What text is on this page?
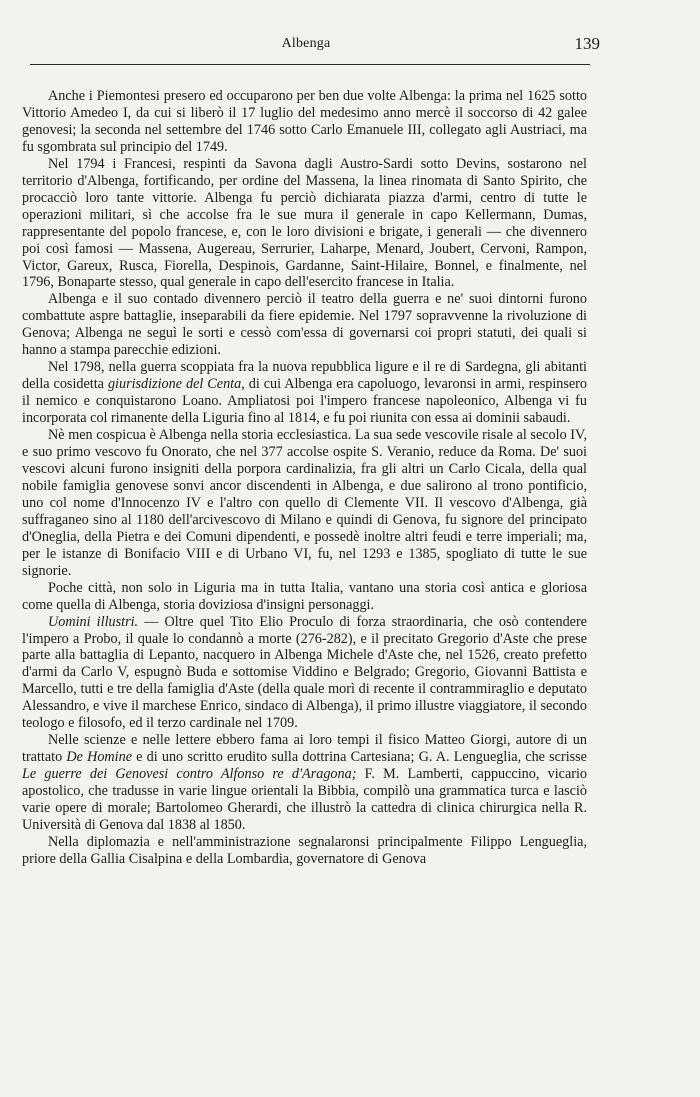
Albenga	139

Anche i Piemontesi presero ed occuparono per ben due volte Albenga: la prima nel 1625 sotto Vittorio Amedeo I, da cui si liberò il 17 luglio del medesimo anno mercè il soccorso di 42 galee genovesi; la seconda nel settembre del 1746 sotto Carlo Emanuele III, collegato agli Austriaci, ma fu sgombrata sul principio del 1749.

Nel 1794 i Francesi, respinti da Savona dagli Austro-Sardi sotto Devins, sostarono nel territorio d'Albenga, fortificando, per ordine del Massena, la linea rinomata di Santo Spirito, che procacciò loro tante vittorie. Albenga fu perciò dichiarata piazza d'armi, centro di tutte le operazioni militari, sì che accolse fra le sue mura il generale in capo Kellermann, Dumas, rappresentante del popolo francese, e, con le loro divisioni e brigate, i generali — che divennero poi così famosi — Massena, Augereau, Serrurier, Laharpe, Menard, Joubert, Cervoni, Rampon, Victor, Gareux, Rusca, Fiorella, Despinois, Gardanne, Saint-Hilaire, Bonnel, e finalmente, nel 1796, Bonaparte stesso, qual generale in capo dell'esercito francese in Italia.

Albenga e il suo contado divennero perciò il teatro della guerra e ne' suoi dintorni furono combattute aspre battaglie, inseparabili da fiere epidemie. Nel 1797 sopravvenne la rivoluzione di Genova; Albenga ne seguì le sorti e cessò com'essa di governarsi coi propri statuti, dei quali si hanno a stampa parecchie edizioni.

Nel 1798, nella guerra scoppiata fra la nuova repubblica ligure e il re di Sardegna, gli abitanti della cosidetta giurisdizione del Centa, di cui Albenga era capoluogo, levaronsi in armi, respinsero il nemico e conquistarono Loano. Ampliatosi poi l'impero francese napoleonico, Albenga vi fu incorporata col rimanente della Liguria fino al 1814, e fu poi riunita con essa ai dominii sabaudi.

Nè men cospicua è Albenga nella storia ecclesiastica. La sua sede vescovile risale al secolo IV, e suo primo vescovo fu Onorato, che nel 377 accolse ospite S. Veranio, reduce da Roma. De' suoi vescovi alcuni furono insigniti della porpora cardinalizia, fra gli altri un Carlo Cicala, della qual nobile famiglia genovese sonvi ancor discendenti in Albenga, e due salirono al trono pontificio, uno col nome d'Innocenzo IV e l'altro con quello di Clemente VII. Il vescovo d'Albenga, già suffraganeo sino al 1180 dell'arcivescovo di Milano e quindi di Genova, fu signore del principato d'Oneglia, della Pietra e dei Comuni dipendenti, e possedè inoltre altri feudi e terre imperiali; ma, per le istanze di Bonifacio VIII e di Urbano VI, fu, nel 1293 e 1385, spogliato di tutte le sue signorie.

Poche città, non solo in Liguria ma in tutta Italia, vantano una storia così antica e gloriosa come quella di Albenga, storia doviziosa d'insigni personaggi.

Uomini illustri. — Oltre quel Tito Elio Proculo di forza straordinaria, che osò contendere l'impero a Probo, il quale lo condannò a morte (276-282), e il precitato Gregorio d'Aste che prese parte alla battaglia di Lepanto, nacquero in Albenga Michele d'Aste che, nel 1526, creato prefetto d'armi da Carlo V, espugnò Buda e sottomise Viddino e Belgrado; Gregorio, Giovanni Battista e Marcello, tutti e tre della famiglia d'Aste (della quale morì di recente il contrammiraglio e deputato Alessandro, e vive il marchese Enrico, sindaco di Albenga), il primo illustre viaggiatore, il secondo teologo e filosofo, ed il terzo cardinale nel 1709.

Nelle scienze e nelle lettere ebbero fama ai loro tempi il fisico Matteo Giorgi, autore di un trattato De Homine e di uno scritto erudito sulla dottrina Cartesiana; G. A. Lengueglia, che scrisse Le guerre dei Genovesi contro Alfonso re d'Aragona; F. M. Lamberti, cappuccino, vicario apostolico, che tradusse in varie lingue orientali la Bibbia, compilò una grammatica turca e lasciò varie opere di morale; Bartolomeo Gherardi, che illustrò la cattedra di clinica chirurgica nella R. Università di Genova dal 1838 al 1850.

Nella diplomazia e nell'amministrazione segnalaronsi principalmente Filippo Lengueglia, priore della Gallia Cisalpina e della Lombardia, governatore di Genova
